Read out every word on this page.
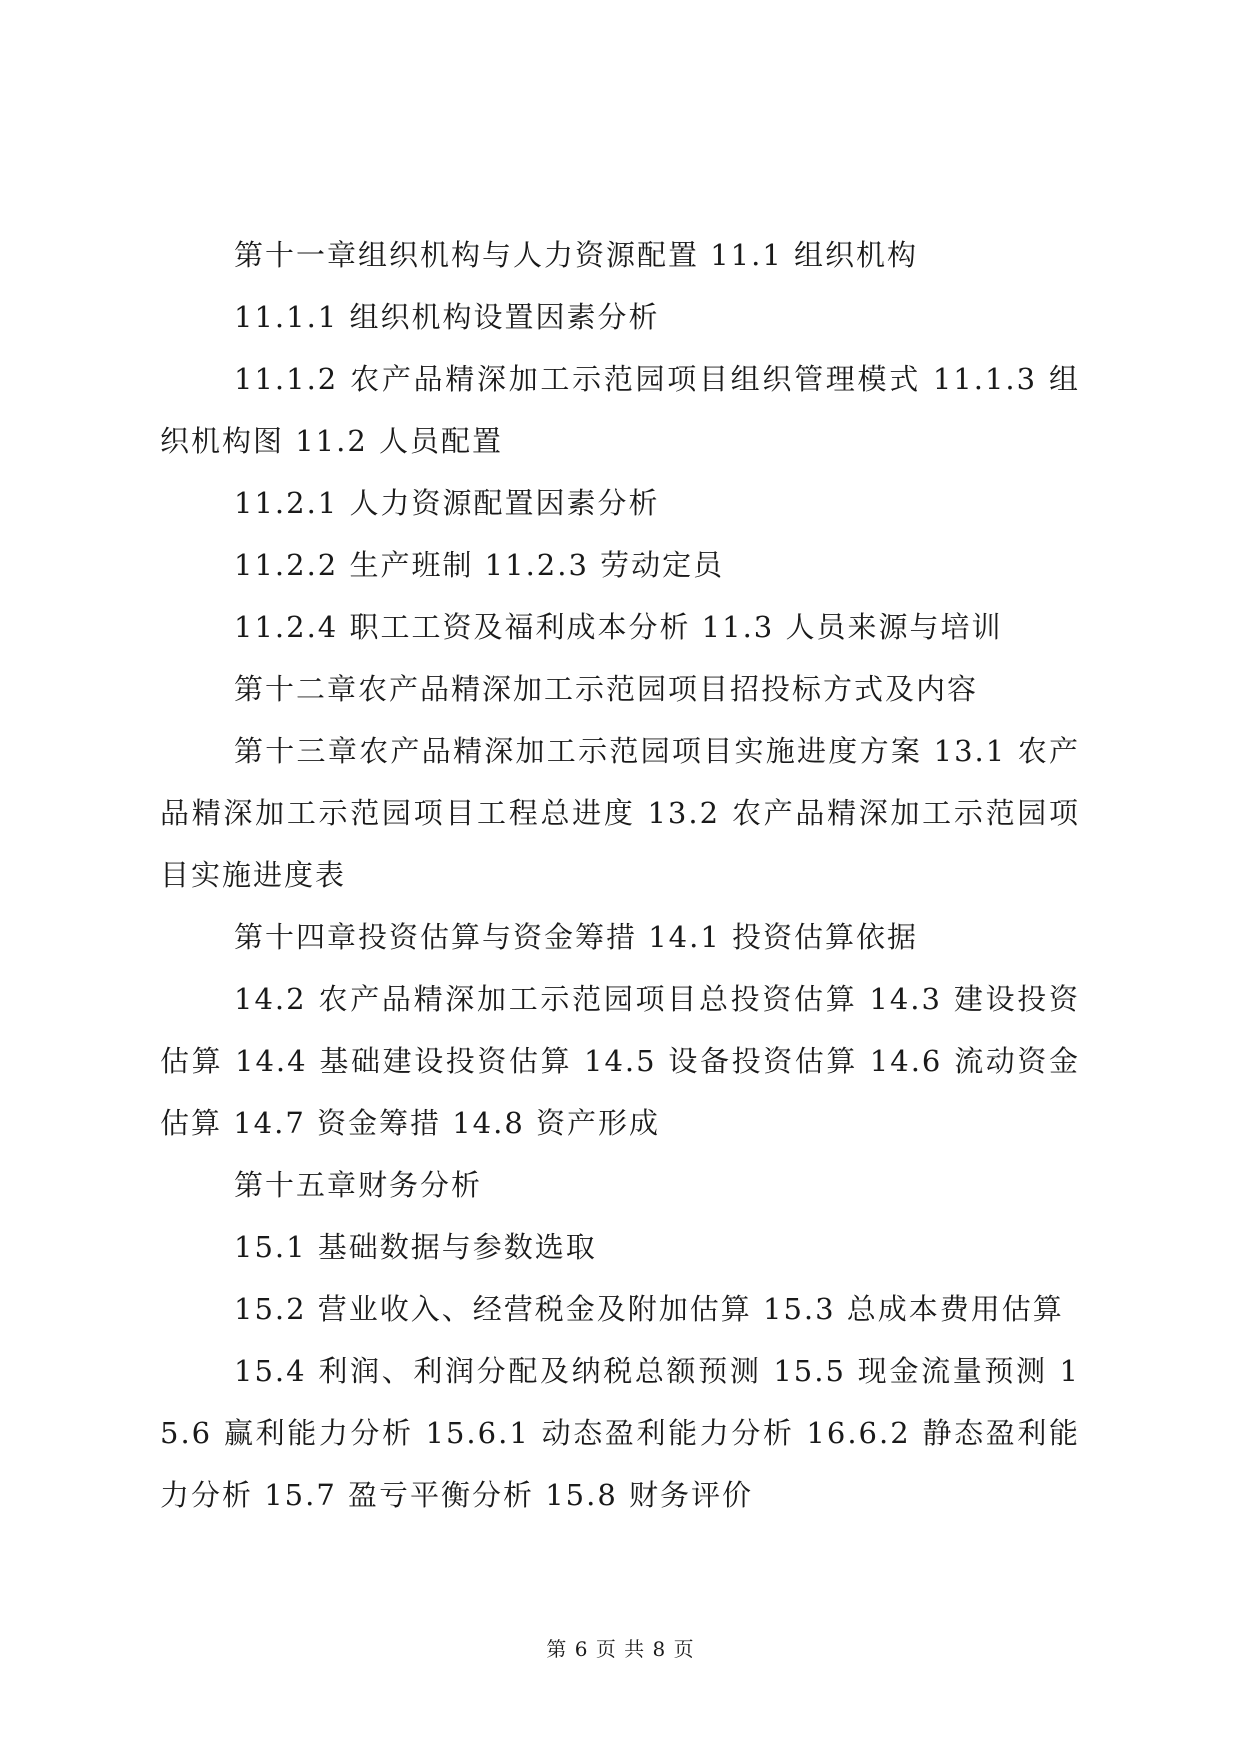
第十一章组织机构与人力资源配置 11.1 组织机构

11.1.1 组织机构设置因素分析

11.1.2 农产品精深加工示范园项目组织管理模式 11.1.3 组织机构图 11.2 人员配置

11.2.1 人力资源配置因素分析

11.2.2 生产班制 11.2.3 劳动定员

11.2.4 职工工资及福利成本分析 11.3 人员来源与培训

第十二章农产品精深加工示范园项目招投标方式及内容

第十三章农产品精深加工示范园项目实施进度方案 13.1 农产品精深加工示范园项目工程总进度 13.2 农产品精深加工示范园项目实施进度表

第十四章投资估算与资金筹措 14.1 投资估算依据

14.2 农产品精深加工示范园项目总投资估算 14.3 建设投资估算 14.4 基础建设投资估算 14.5 设备投资估算 14.6 流动资金估算 14.7 资金筹措 14.8 资产形成

第十五章财务分析

15.1 基础数据与参数选取

15.2 营业收入、经营税金及附加估算 15.3 总成本费用估算

15.4 利润、利润分配及纳税总额预测 15.5 现金流量预测 15.6 赢利能力分析 15.6.1 动态盈利能力分析 16.6.2 静态盈利能力分析 15.7 盈亏平衡分析 15.8 财务评价

第 6 页 共 8 页
